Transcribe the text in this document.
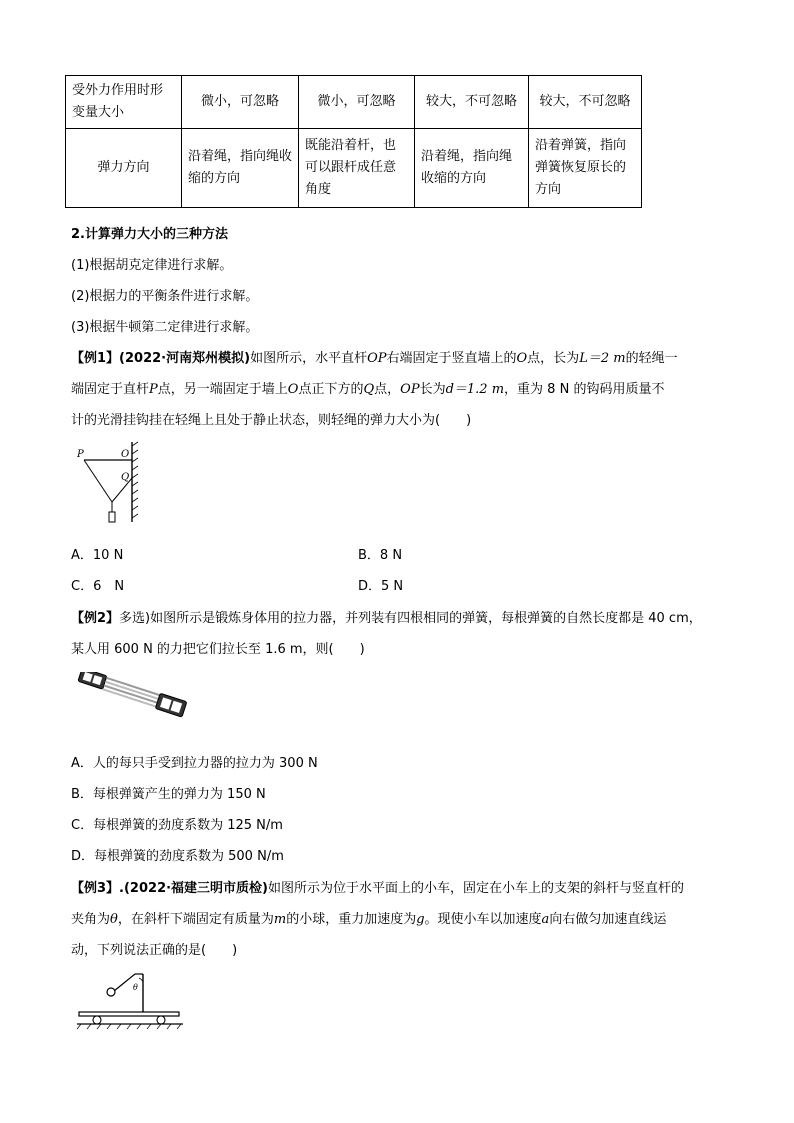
受外力作用时形变量大小	微小，可忽略	微小，可忽略	较大，不可忽略	较大，不可忽略
弹力方向	沿着绳，指向绳收缩的方向	既能沿着杆，也可以跟杆成任意角度	沿着绳，指向绳收缩的方向	沿着弹簧，指向弹簧恢复原长的方向
2.计算弹力大小的三种方法
(1)根据胡克定律进行求解。
(2)根据力的平衡条件进行求解。
(3)根据牛顿第二定律进行求解。
【例1】(2022·河南郑州模拟)如图所示，水平直杆OP右端固定于竖直墙上的O点，长为L＝2 m的轻绳一
端固定于直杆P点，另一端固定于墙上O点正下方的Q点，OP长为d＝1.2 m，重为 8 N 的钩码用质量不
计的光滑挂钩挂在轻绳上且处于静止状态，则轻绳的弹力大小为(　　)
P	O
Q
A．10 N	B．8 N
C．6　N	D．5 N
【例2】多选)如图所示是锻炼身体用的拉力器，并列装有四根相同的弹簧，每根弹簧的自然长度都是 40 cm，
某人用 600 N 的力把它们拉长至 1.6 m，则(　　)
A．人的每只手受到拉力器的拉力为 300 N
B．每根弹簧产生的弹力为 150 N
C．每根弹簧的劲度系数为 125 N/m
D．每根弹簧的劲度系数为 500 N/m
【例3】.(2022·福建三明市质检)如图所示为位于水平面上的小车，固定在小车上的支架的斜杆与竖直杆的
夹角为θ，在斜杆下端固定有质量为m的小球，重力加速度为g。现使小车以加速度a向右做匀加速直线运
动，下列说法正确的是(　　)
θ
